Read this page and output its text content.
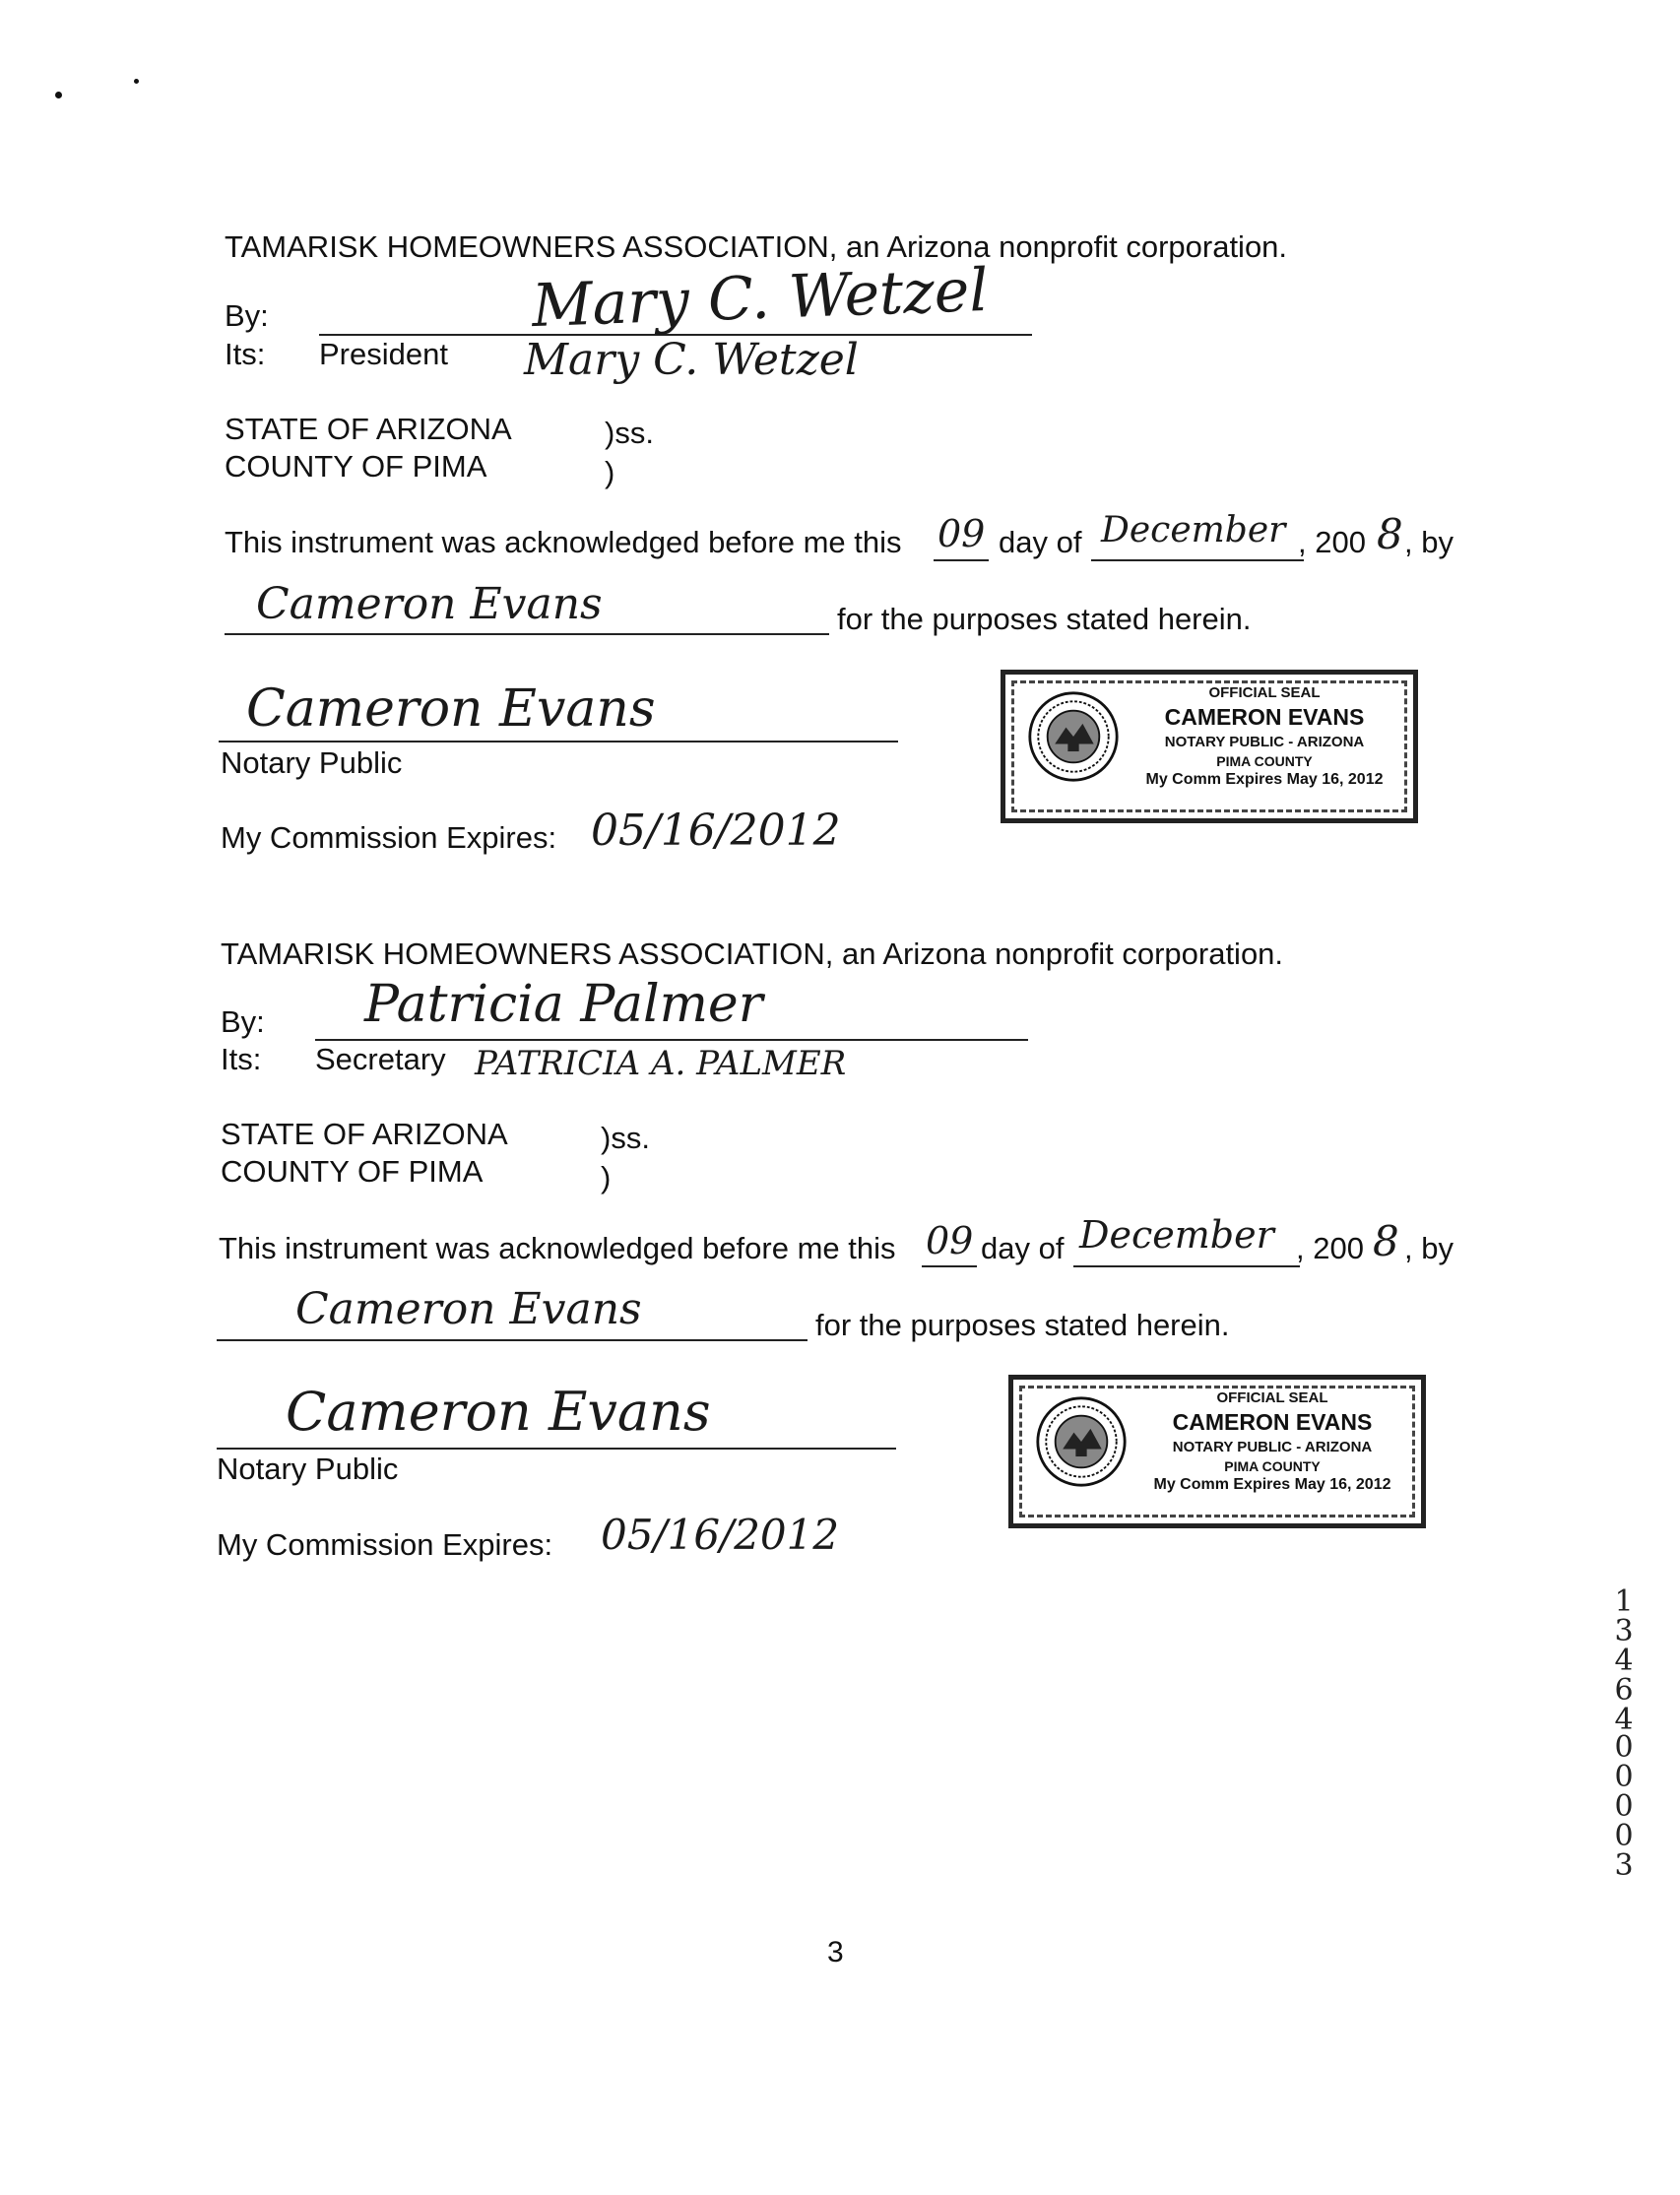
TAMARISK HOMEOWNERS ASSOCIATION, an Arizona nonprofit corporation.
By:	Mary C. Wetzel
Its: President Mary C. Wetzel
STATE OF ARIZONA	)ss.
COUNTY OF PIMA	)
This instrument was acknowledged before me this 09 day of December , 200 8 , by
Cameron Evans	for the purposes stated herein.
Cameron Evans
Notary Public
My Commission Expires: 05/16/2012
OFFICIAL SEAL
CAMERON EVANS
NOTARY PUBLIC - ARIZONA
PIMA COUNTY
My Comm Expires May 16, 2012
TAMARISK HOMEOWNERS ASSOCIATION, an Arizona nonprofit corporation.
By: Patricia Palmer
Its: Secretary PATRICIA A. PALMER
STATE OF ARIZONA	)ss.
COUNTY OF PIMA	)
This instrument was acknowledged before me this 09 day of December , 200 8 , by
Cameron Evans	for the purposes stated herein.
Cameron Evans
Notary Public
My Commission Expires: 05/16/2012
OFFICIAL SEAL
CAMERON EVANS
NOTARY PUBLIC - ARIZONA
PIMA COUNTY
My Comm Expires May 16, 2012
1
3
4
6
4
0
0
0
0
3
3
